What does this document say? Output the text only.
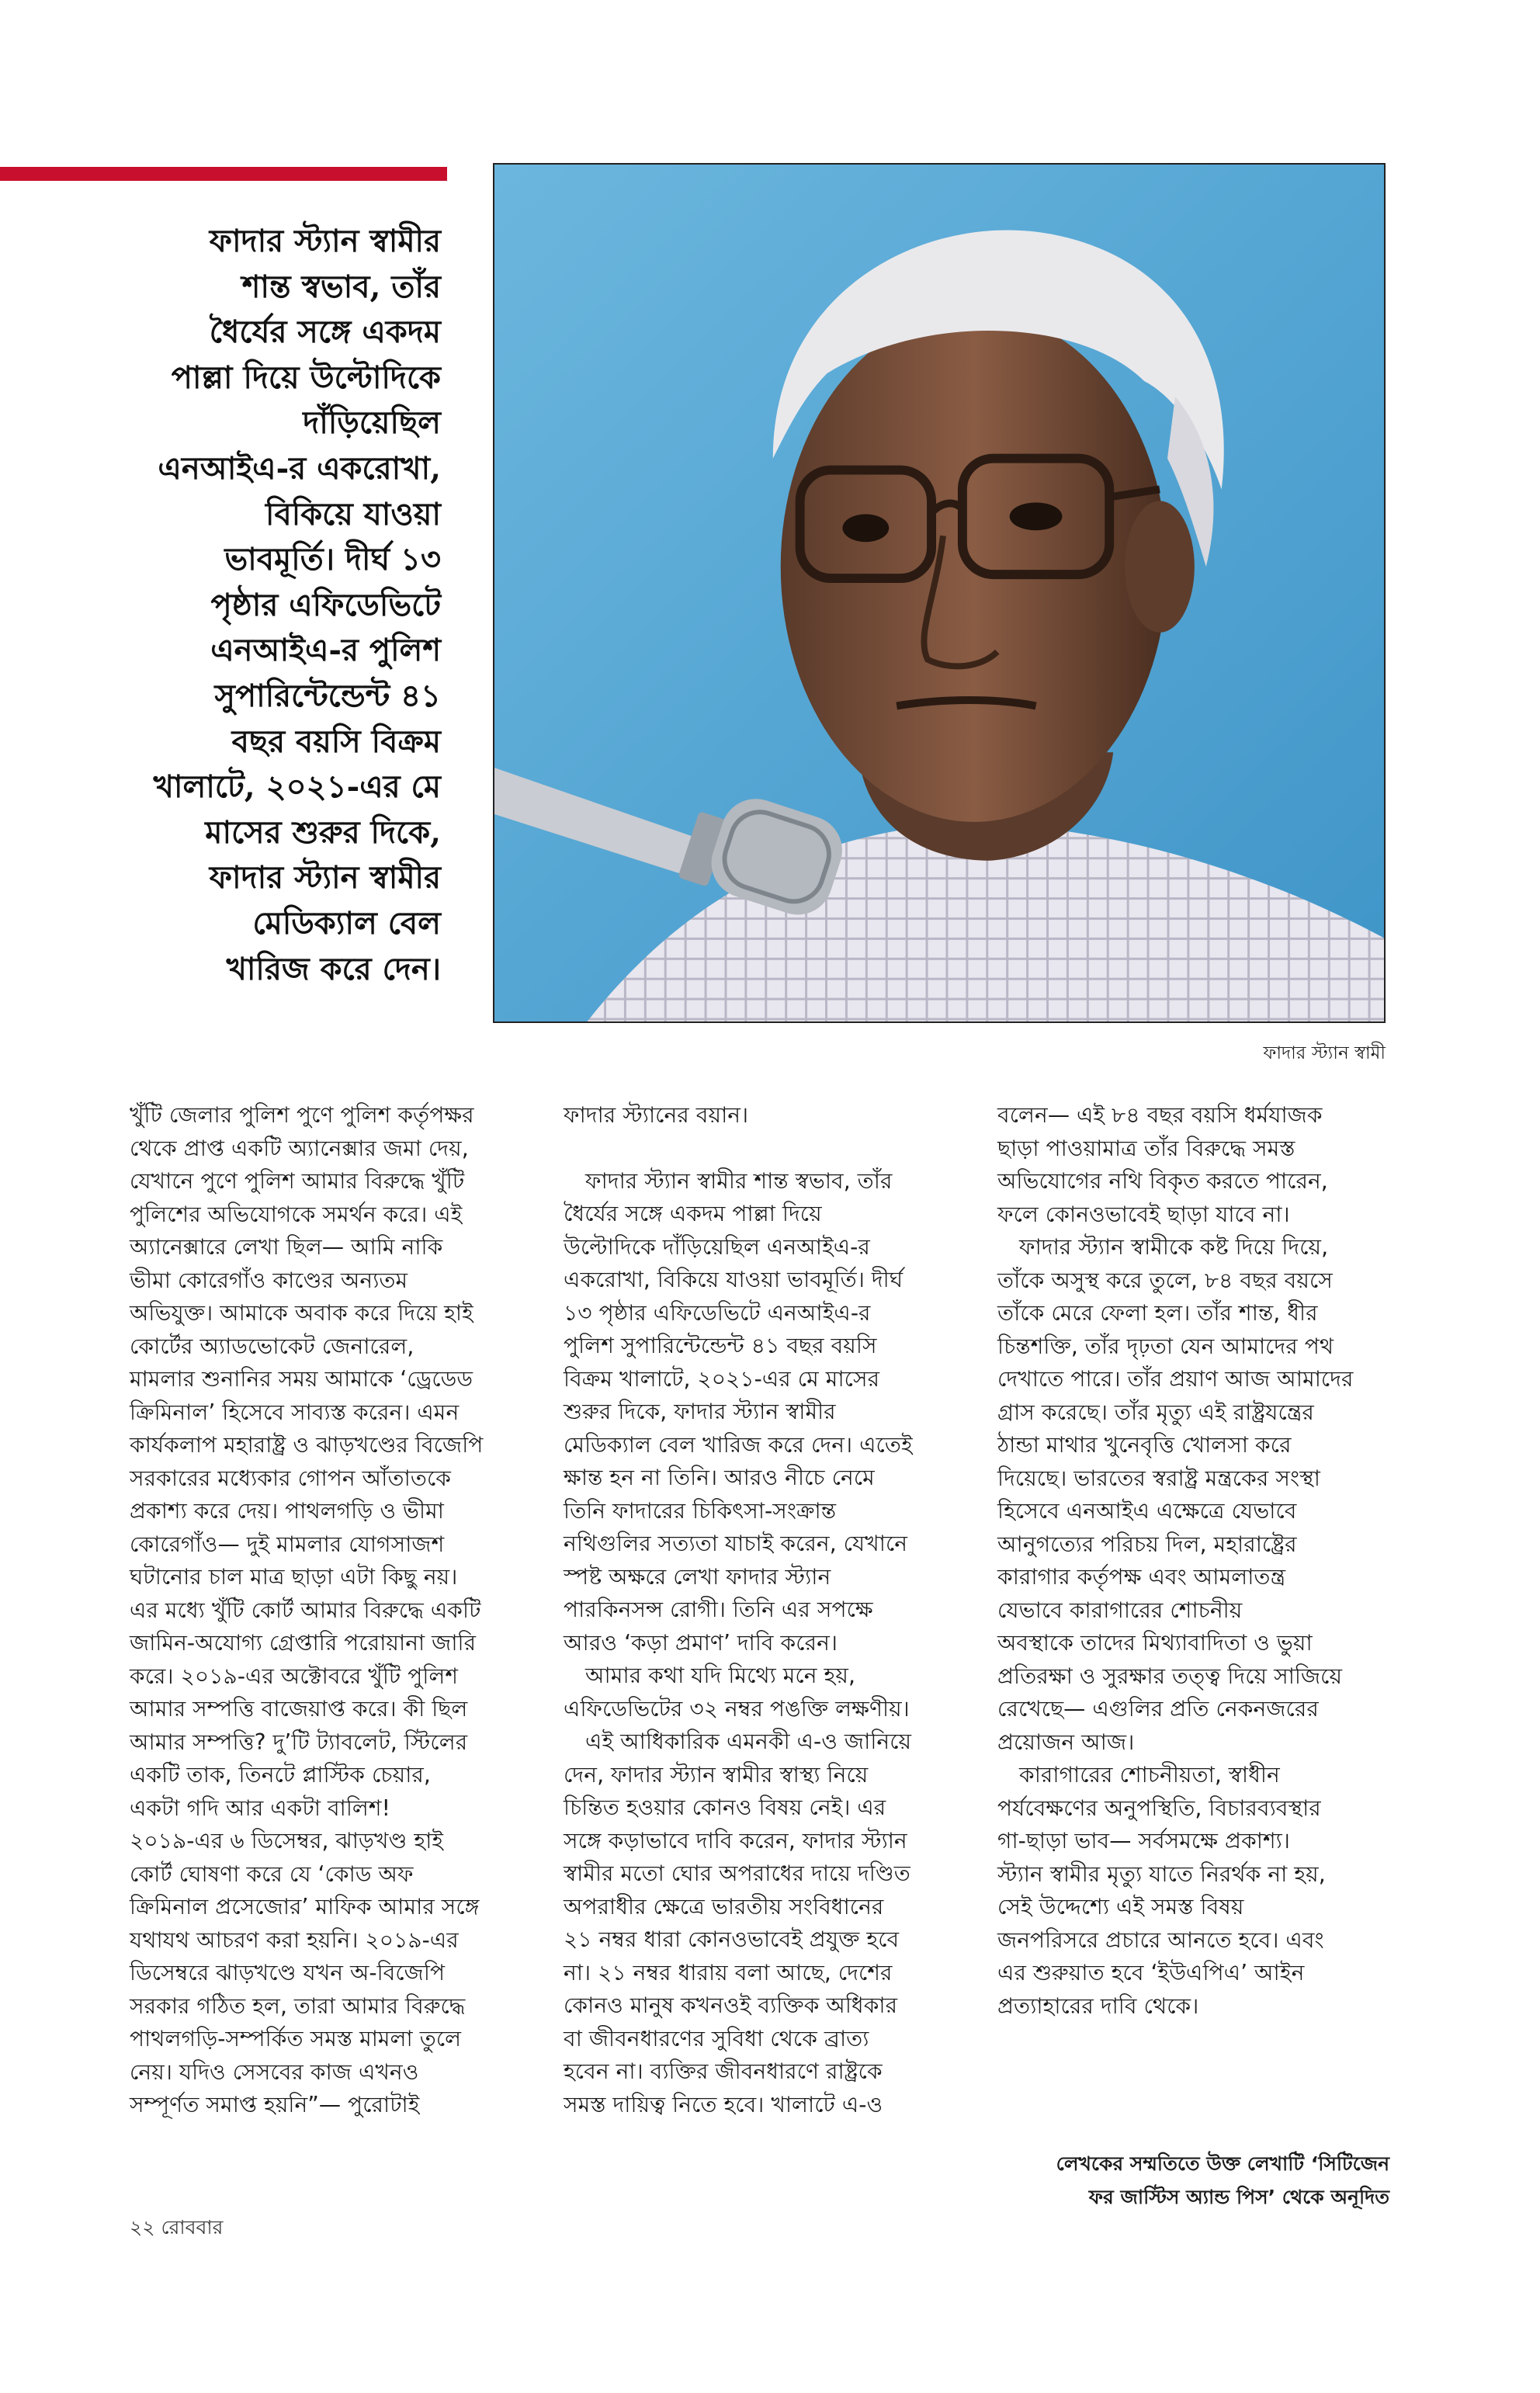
ফাদার স্ট্যান স্বামীর
শান্ত স্বভাব, তাঁর
ধৈর্যের সঙ্গে একদম
পাল্লা দিয়ে উল্টোদিকে
দাঁড়িয়েছিল
এনআইএ-র একরোখা,
বিকিয়ে যাওয়া
ভাবমূর্তি। দীর্ঘ ১৩
পৃষ্ঠার এফিডেভিটে
এনআইএ-র পুলিশ
সুপারিন্টেন্ডেন্ট ৪১
বছর বয়সি বিক্রম
খালাটে, ২০২১-এর মে
মাসের শুরুর দিকে,
ফাদার স্ট্যান স্বামীর
মেডিক্যাল বেল
খারিজ করে দেন।
ফাদার স্ট্যান স্বামী
খুঁটি জেলার পুলিশ পুণে পুলিশ কর্তৃপক্ষর
থেকে প্রাপ্ত একটি অ্যানেক্সার জমা দেয়,
যেখানে পুণে পুলিশ আমার বিরুদ্ধে খুঁটি
পুলিশের অভিযোগকে সমর্থন করে। এই
অ্যানেক্সারে লেখা ছিল— আমি নাকি
ভীমা কোরেগাঁও কাণ্ডের অন্যতম
অভিযুক্ত। আমাকে অবাক করে দিয়ে হাই
কোর্টের অ্যাডভোকেট জেনারেল,
মামলার শুনানির সময় আমাকে ‘ড্রেডেড
ক্রিমিনাল’ হিসেবে সাব্যস্ত করেন। এমন
কার্যকলাপ মহারাষ্ট্র ও ঝাড়খণ্ডের বিজেপি
সরকারের মধ্যেকার গোপন আঁতাতকে
প্রকাশ্য করে দেয়। পাথলগড়ি ও ভীমা
কোরেগাঁও— দুই মামলার যোগসাজশ
ঘটানোর চাল মাত্র ছাড়া এটা কিছু নয়।
এর মধ্যে খুঁটি কোর্ট আমার বিরুদ্ধে একটি
জামিন-অযোগ্য গ্রেপ্তারি পরোয়ানা জারি
করে। ২০১৯-এর অক্টোবরে খুঁটি পুলিশ
আমার সম্পত্তি বাজেয়াপ্ত করে। কী ছিল
আমার সম্পত্তি? দু’টি ট্যাবলেট, স্টিলের
একটি তাক, তিনটে প্লাস্টিক চেয়ার,
একটা গদি আর একটা বালিশ!
২০১৯-এর ৬ ডিসেম্বর, ঝাড়খণ্ড হাই
কোর্ট ঘোষণা করে যে ‘কোড অফ
ক্রিমিনাল প্রসেজোর’ মাফিক আমার সঙ্গে
যথাযথ আচরণ করা হয়নি। ২০১৯-এর
ডিসেম্বরে ঝাড়খণ্ডে যখন অ-বিজেপি
সরকার গঠিত হল, তারা আমার বিরুদ্ধে
পাথলগড়ি-সম্পর্কিত সমস্ত মামলা তুলে
নেয়। যদিও সেসবের কাজ এখনও
সম্পূর্ণত সমাপ্ত হয়নি”— পুরোটাই
ফাদার স্ট্যানের বয়ান।
ফাদার স্ট্যান স্বামীর শান্ত স্বভাব, তাঁর
ধৈর্যের সঙ্গে একদম পাল্লা দিয়ে
উল্টোদিকে দাঁড়িয়েছিল এনআইএ-র
একরোখা, বিকিয়ে যাওয়া ভাবমূর্তি। দীর্ঘ
১৩ পৃষ্ঠার এফিডেভিটে এনআইএ-র
পুলিশ সুপারিন্টেন্ডেন্ট ৪১ বছর বয়সি
বিক্রম খালাটে, ২০২১-এর মে মাসের
শুরুর দিকে, ফাদার স্ট্যান স্বামীর
মেডিক্যাল বেল খারিজ করে দেন। এতেই
ক্ষান্ত হন না তিনি। আরও নীচে নেমে
তিনি ফাদারের চিকিৎসা-সংক্রান্ত
নথিগুলির সত্যতা যাচাই করেন, যেখানে
স্পষ্ট অক্ষরে লেখা ফাদার স্ট্যান
পারকিনসন্স রোগী। তিনি এর সপক্ষে
আরও ‘কড়া প্রমাণ’ দাবি করেন।
আমার কথা যদি মিথ্যে মনে হয়,
এফিডেভিটের ৩২ নম্বর পঙক্তি লক্ষণীয়।
এই আধিকারিক এমনকী এ-ও জানিয়ে
দেন, ফাদার স্ট্যান স্বামীর স্বাস্থ্য নিয়ে
চিন্তিত হওয়ার কোনও বিষয় নেই। এর
সঙ্গে কড়াভাবে দাবি করেন, ফাদার স্ট্যান
স্বামীর মতো ঘোর অপরাধের দায়ে দণ্ডিত
অপরাধীর ক্ষেত্রে ভারতীয় সংবিধানের
২১ নম্বর ধারা কোনওভাবেই প্রযুক্ত হবে
না। ২১ নম্বর ধারায় বলা আছে, দেশের
কোনও মানুষ কখনওই ব্যক্তিক অধিকার
বা জীবনধারণের সুবিধা থেকে ব্রাত্য
হবেন না। ব্যক্তির জীবনধারণে রাষ্ট্রকে
সমস্ত দায়িত্ব নিতে হবে। খালাটে এ-ও
বলেন— এই ৮৪ বছর বয়সি ধর্মযাজক
ছাড়া পাওয়ামাত্র তাঁর বিরুদ্ধে সমস্ত
অভিযোগের নথি বিকৃত করতে পারেন,
ফলে কোনওভাবেই ছাড়া যাবে না।
ফাদার স্ট্যান স্বামীকে কষ্ট দিয়ে দিয়ে,
তাঁকে অসুস্থ করে তুলে, ৮৪ বছর বয়সে
তাঁকে মেরে ফেলা হল। তাঁর শান্ত, ধীর
চিন্তশক্তি, তাঁর দৃঢ়তা যেন আমাদের পথ
দেখাতে পারে। তাঁর প্রয়াণ আজ আমাদের
গ্রাস করেছে। তাঁর মৃত্যু এই রাষ্ট্রযন্ত্রের
ঠান্ডা মাথার খুনেবৃত্তি খোলসা করে
দিয়েছে। ভারতের স্বরাষ্ট্র মন্ত্রকের সংস্থা
হিসেবে এনআইএ এক্ষেত্রে যেভাবে
আনুগত্যের পরিচয় দিল, মহারাষ্ট্রের
কারাগার কর্তৃপক্ষ এবং আমলাতন্ত্র
যেভাবে কারাগারের শোচনীয়
অবস্থাকে তাদের মিথ্যাবাদিতা ও ভুয়া
প্রতিরক্ষা ও সুরক্ষার তত্ত্ব দিয়ে সাজিয়ে
রেখেছে— এগুলির প্রতি নেকনজরের
প্রয়োজন আজ।
কারাগারের শোচনীয়তা, স্বাধীন
পর্যবেক্ষণের অনুপস্থিতি, বিচারব্যবস্থার
গা-ছাড়া ভাব— সর্বসমক্ষে প্রকাশ্য।
স্ট্যান স্বামীর মৃত্যু যাতে নিরর্থক না হয়,
সেই উদ্দেশ্যে এই সমস্ত বিষয়
জনপরিসরে প্রচারে আনতে হবে। এবং
এর শুরুয়াত হবে ‘ইউএপিএ’ আইন
প্রত্যাহারের দাবি থেকে।
লেখকের সম্মতিতে উক্ত লেখাটি ‘সিটিজেন
ফর জাস্টিস অ্যান্ড পিস’ থেকে অনূদিত
২২ রোববার
